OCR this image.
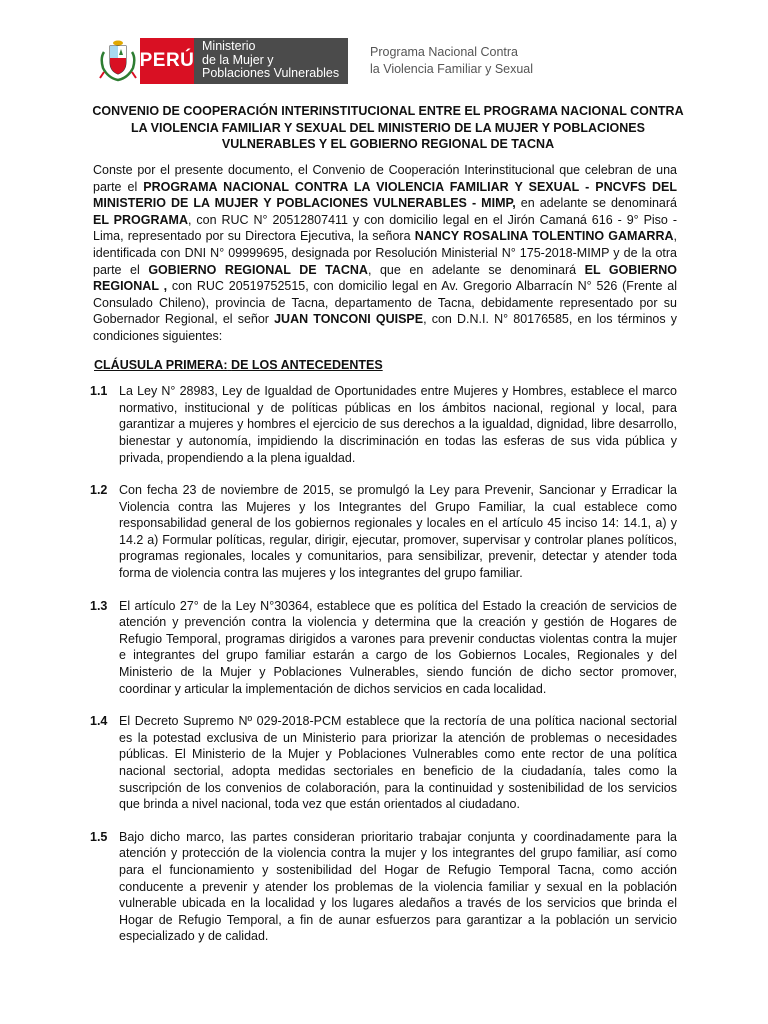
PERÚ
Ministerio
de la Mujer y
Poblaciones Vulnerables
Programa Nacional Contra
la Violencia Familiar y Sexual
CONVENIO DE COOPERACIÓN INTERINSTITUCIONAL ENTRE EL PROGRAMA NACIONAL CONTRA LA VIOLENCIA FAMILIAR Y SEXUAL DEL MINISTERIO DE LA MUJER Y POBLACIONES VULNERABLES Y EL GOBIERNO REGIONAL DE TACNA

Conste por el presente documento, el Convenio de Cooperación Interinstitucional que celebran de una parte el PROGRAMA NACIONAL CONTRA LA VIOLENCIA FAMILIAR Y SEXUAL - PNCVFS DEL MINISTERIO DE LA MUJER Y POBLACIONES VULNERABLES - MIMP, en adelante se denominará EL PROGRAMA, con RUC N° 20512807411 y con domicilio legal en el Jirón Camaná 616 - 9° Piso - Lima, representado por su Directora Ejecutiva, la señora NANCY ROSALINA TOLENTINO GAMARRA, identificada con DNI N° 09999695, designada por Resolución Ministerial N° 175-2018-MIMP y de la otra parte el GOBIERNO REGIONAL DE TACNA, que en adelante se denominará EL GOBIERNO REGIONAL , con RUC 20519752515, con domicilio legal en Av. Gregorio Albarracín N° 526 (Frente al Consulado Chileno), provincia de Tacna, departamento de Tacna, debidamente representado por su Gobernador Regional, el señor JUAN TONCONI QUISPE, con D.N.I. N° 80176585, en los términos y condiciones siguientes:

CLÁUSULA PRIMERA: DE LOS ANTECEDENTES
1.1 La Ley N° 28983, Ley de Igualdad de Oportunidades entre Mujeres y Hombres, establece el marco normativo, institucional y de políticas públicas en los ámbitos nacional, regional y local, para garantizar a mujeres y hombres el ejercicio de sus derechos a la igualdad, dignidad, libre desarrollo, bienestar y autonomía, impidiendo la discriminación en todas las esferas de sus vida pública y privada, propendiendo a la plena igualdad.
1.2 Con fecha 23 de noviembre de 2015, se promulgó la Ley para Prevenir, Sancionar y Erradicar la Violencia contra las Mujeres y los Integrantes del Grupo Familiar, la cual establece como responsabilidad general de los gobiernos regionales y locales en el artículo 45 inciso 14: 14.1, a) y 14.2 a) Formular políticas, regular, dirigir, ejecutar, promover, supervisar y controlar planes políticos, programas regionales, locales y comunitarios, para sensibilizar, prevenir, detectar y atender toda forma de violencia contra las mujeres y los integrantes del grupo familiar.
1.3 El artículo 27° de la Ley N°30364, establece que es política del Estado la creación de servicios de atención y prevención contra la violencia y determina que la creación y gestión de Hogares de Refugio Temporal, programas dirigidos a varones para prevenir conductas violentas contra la mujer e integrantes del grupo familiar estarán a cargo de los Gobiernos Locales, Regionales y del Ministerio de la Mujer y Poblaciones Vulnerables, siendo función de dicho sector promover, coordinar y articular la implementación de dichos servicios en cada localidad.
1.4 El Decreto Supremo Nº 029-2018-PCM establece que la rectoría de una política nacional sectorial es la potestad exclusiva de un Ministerio para priorizar la atención de problemas o necesidades públicas. El Ministerio de la Mujer y Poblaciones Vulnerables como ente rector de una política nacional sectorial, adopta medidas sectoriales en beneficio de la ciudadanía, tales como la suscripción de los convenios de colaboración, para la continuidad y sostenibilidad de los servicios que brinda a nivel nacional, toda vez que están orientados al ciudadano.
1.5 Bajo dicho marco, las partes consideran prioritario trabajar conjunta y coordinadamente para la atención y protección de la violencia contra la mujer y los integrantes del grupo familiar, así como para el funcionamiento y sostenibilidad del Hogar de Refugio Temporal Tacna, como acción conducente a prevenir y atender los problemas de la violencia familiar y sexual en la población vulnerable ubicada en la localidad y los lugares aledaños a través de los servicios que brinda el Hogar de Refugio Temporal, a fin de aunar esfuerzos para garantizar a la población un servicio especializado y de calidad.
